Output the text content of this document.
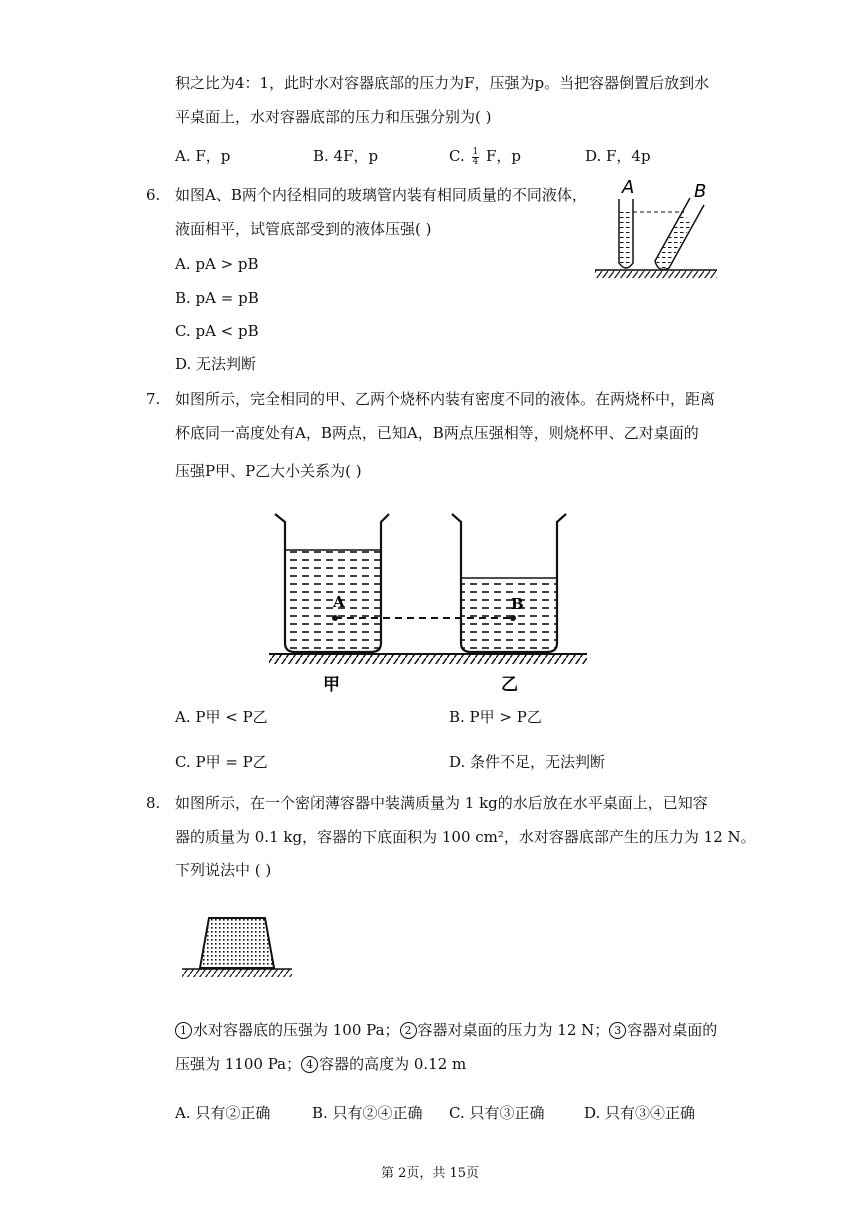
积之比为4：1，此时水对容器底部的压力为F，压强为p。当把容器倒置后放到水
平桌面上，水对容器底部的压力和压强分别为( )
A. F，p	B. 4F，p	C. $\frac{1}{4}$ F，p	D. F，4p
6. 如图A、B两个内径相同的玻璃管内装有相同质量的不同液体，
液面相平，试管底部受到的液体压强( )
A. pA > pB
B. pA = pB
C. pA < pB
D. 无法判断
A	B
7. 如图所示，完全相同的甲、乙两个烧杯内装有密度不同的液体。在两烧杯中，距离
杯底同一高度处有A，B两点，已知A，B两点压强相等，则烧杯甲、乙对桌面的
压强P甲、P乙大小关系为( )
A	B
甲	乙
A. P甲 < P乙	B. P甲 > P乙
C. P甲 = P乙	D. 条件不足，无法判断
8. 如图所示，在一个密闭薄容器中装满质量为 1 kg的水后放在水平桌面上，已知容
器的质量为 0.1 kg，容器的下底面积为 100 cm²，水对容器底部产生的压力为 12 N。
下列说法中 ( )
1 水对容器底的压强为 100 Pa； 2 容器对桌面的压力为 12 N； 3 容器对桌面的
压强为 1100 Pa； 4 容器的高度为 0.12 m
A. 只有②正确	B. 只有②④正确 C. 只有③正确	D. 只有③④正确
第 2页，共 15页
